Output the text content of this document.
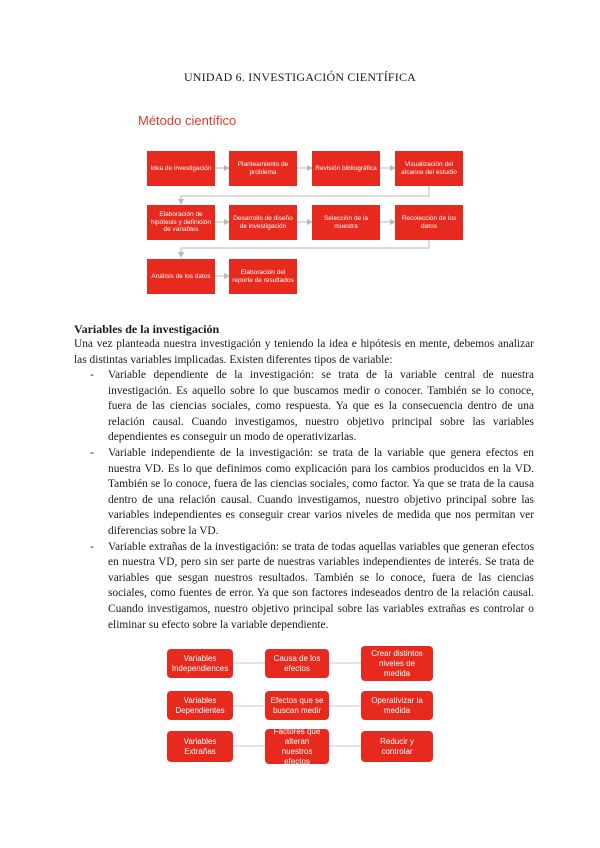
UNIDAD 6. INVESTIGACIÓN CIENTÍFICA
Método científico
Idea de investigación
Planteamiento de problema
Revisión bibliográfica
Visualización del alcance del estudio
Elaboración de hipótesis y definición de variables
Desarrollo de diseño de investigación
Selección de la muestra
Recolección de los datos
Análisis de los datos
Elaboración del reporte de resultados
Variables de la investigación
Una vez planteada nuestra investigación y teniendo la idea e hipótesis en mente, debemos analizar las distintas variables implicadas. Existen diferentes tipos de variable:
- Variable dependiente de la investigación: se trata de la variable central de nuestra investigación. Es aquello sobre lo que buscamos medir o conocer. También se lo conoce, fuera de las ciencias sociales, como respuesta. Ya que es la consecuencia dentro de una relación causal. Cuando investigamos, nuestro objetivo principal sobre las variables dependientes es conseguir un modo de operativizarlas.
- Variable independiente de la investigación: se trata de la variable que genera efectos en nuestra VD. Es lo que definimos como explicación para los cambios producidos en la VD. También se lo conoce, fuera de las ciencias sociales, como factor. Ya que se trata de la causa dentro de una relación causal. Cuando investigamos, nuestro objetivo principal sobre las variables independientes es conseguir crear varios niveles de medida que nos permitan ver diferencias sobre la VD.
- Variable extrañas de la investigación: se trata de todas aquellas variables que generan efectos en nuestra VD, pero sin ser parte de nuestras variables independientes de interés. Se trata de variables que sesgan nuestros resultados. También se lo conoce, fuera de las ciencias sociales, como fuentes de error. Ya que son factores indeseados dentro de la relación causal. Cuando investigamos, nuestro objetivo principal sobre las variables extrañas es controlar o eliminar su efecto sobre la variable dependiente.
Variables Independiences
Causa de los efectos
Crear distintos niveles de medida
Variables Dependientes
Efectos que se buscan medir
Operativizar la medida
Variables Extrañas
Factores que alteran nuestros efectos
Reducir y controlar
